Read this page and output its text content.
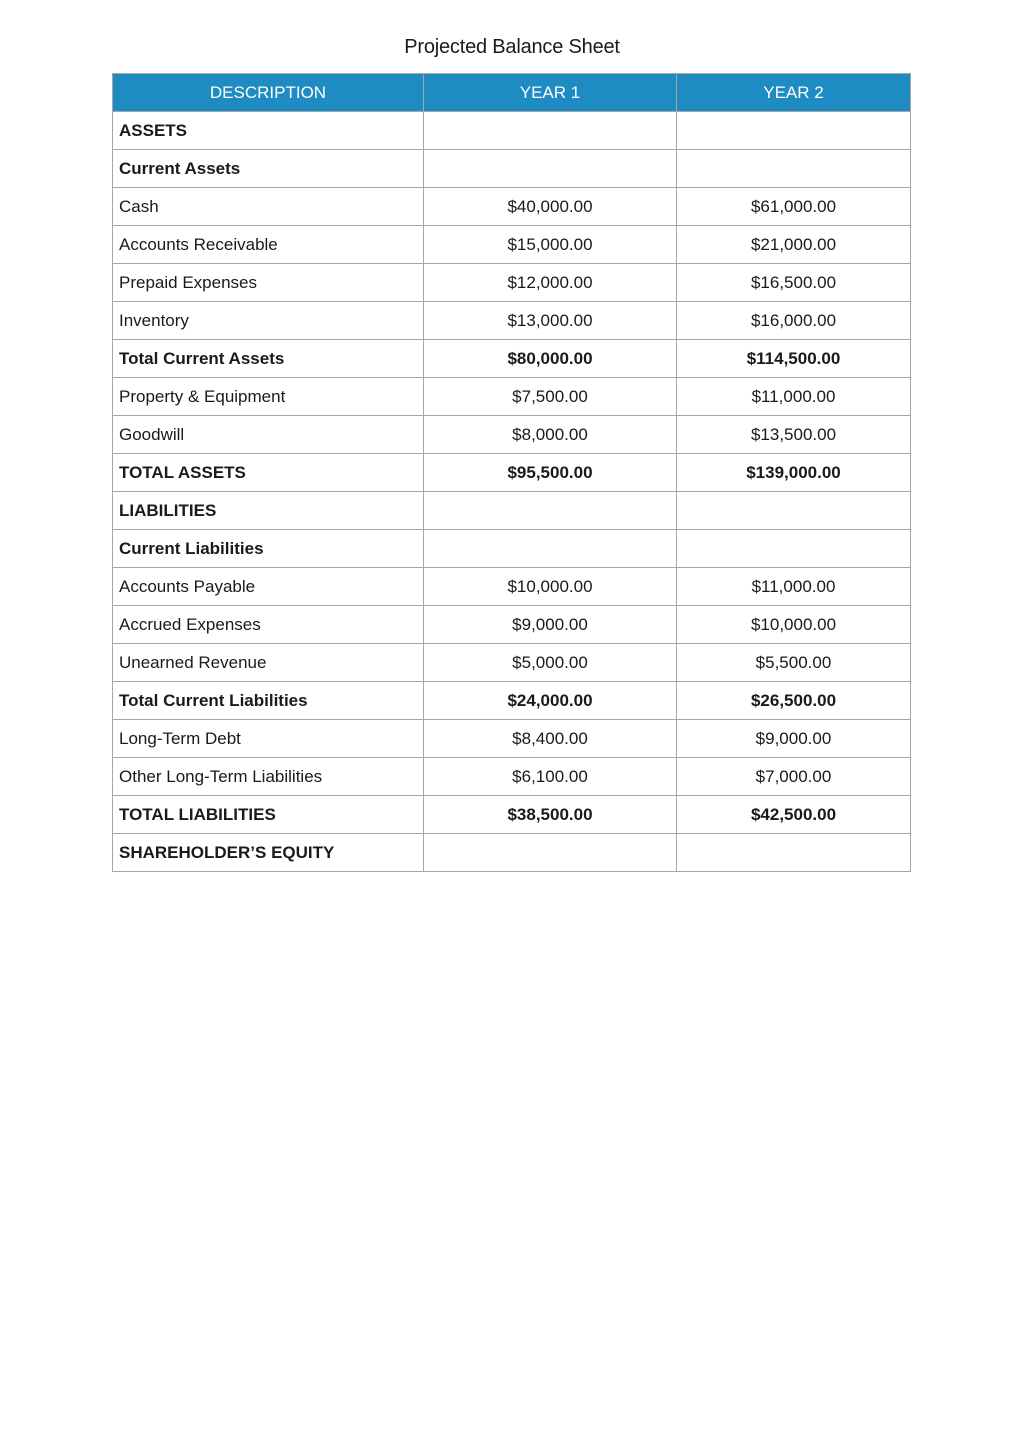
Projected Balance Sheet
DESCRIPTION	YEAR 1	YEAR 2
ASSETS		
Current Assets		
Cash	$40,000.00	$61,000.00
Accounts Receivable	$15,000.00	$21,000.00
Prepaid Expenses	$12,000.00	$16,500.00
Inventory	$13,000.00	$16,000.00
Total Current Assets	$80,000.00	$114,500.00
Property & Equipment	$7,500.00	$11,000.00
Goodwill	$8,000.00	$13,500.00
TOTAL ASSETS	$95,500.00	$139,000.00
LIABILITIES		
Current Liabilities		
Accounts Payable	$10,000.00	$11,000.00
Accrued Expenses	$9,000.00	$10,000.00
Unearned Revenue	$5,000.00	$5,500.00
Total Current Liabilities	$24,000.00	$26,500.00
Long-Term Debt	$8,400.00	$9,000.00
Other Long-Term Liabilities	$6,100.00	$7,000.00
TOTAL LIABILITIES	$38,500.00	$42,500.00
SHAREHOLDER’S EQUITY		
